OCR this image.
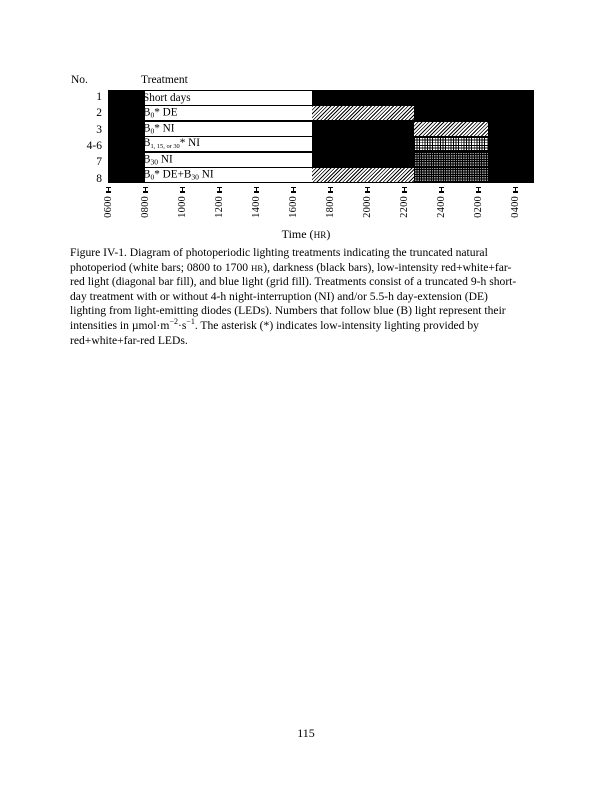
No.	Treatment
1
2
3
4-6
7
8
Short days
$B_0*$ DE
$B_0*$ NI
B1, 15, or 30* NI
$B_{30}$ NI
$B_0*$ $DE+B_{30}$ NI
0600 0800 1000 1200 1400 1600 1800 2000 2200 2400 0200 0400
Time (HR)
Figure IV-1. Diagram of photoperiodic lighting treatments indicating the truncated natural photoperiod (white bars; 0800 to 1700 HR), darkness (black bars), low-intensity red+white+far-red light (diagonal bar fill), and blue light (grid fill). Treatments consist of a truncated 9-h short-day treatment with or without 4-h night-interruption (NI) and/or 5.5-h day-extension (DE) lighting from light-emitting diodes (LEDs). Numbers that follow blue (B) light represent their intensities in $\mu mol\cdot m^{-2}\cdot s^{-1}$. The asterisk (*) indicates low-intensity lighting provided by red+white+far-red LEDs.
115
